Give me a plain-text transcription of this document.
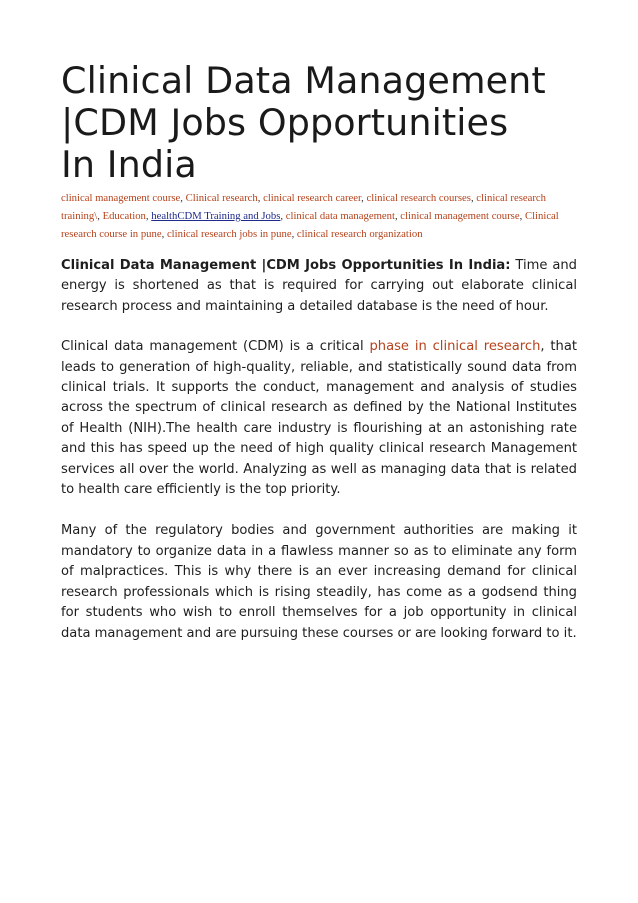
Clinical Data Management
|CDM Jobs Opportunities
In India
clinical management course, Clinical research, clinical research career, clinical research courses, clinical research training\, Education, healthCDM Training and Jobs, clinical data management, clinical management course, Clinical research course in pune, clinical research jobs in pune, clinical research organization

Clinical Data Management |CDM Jobs Opportunities In India: Time and energy is shortened as that is required for carrying out elaborate clinical research process and maintaining a detailed database is the need of hour.

Clinical data management (CDM) is a critical phase in clinical research, that leads to generation of high-quality, reliable, and statistically sound data from clinical trials. It supports the conduct, management and analysis of studies across the spectrum of clinical research as defined by the National Institutes of Health (NIH).The health care industry is flourishing at an astonishing rate and this has speed up the need of high quality clinical research Management services all over the world. Analyzing as well as managing data that is related to health care efficiently is the top priority.

Many of the regulatory bodies and government authorities are making it mandatory to organize data in a flawless manner so as to eliminate any form of malpractices. This is why there is an ever increasing demand for clinical research professionals which is rising steadily, has come as a godsend thing for students who wish to enroll themselves for a job opportunity in clinical data management and are pursuing these courses or are looking forward to it.
